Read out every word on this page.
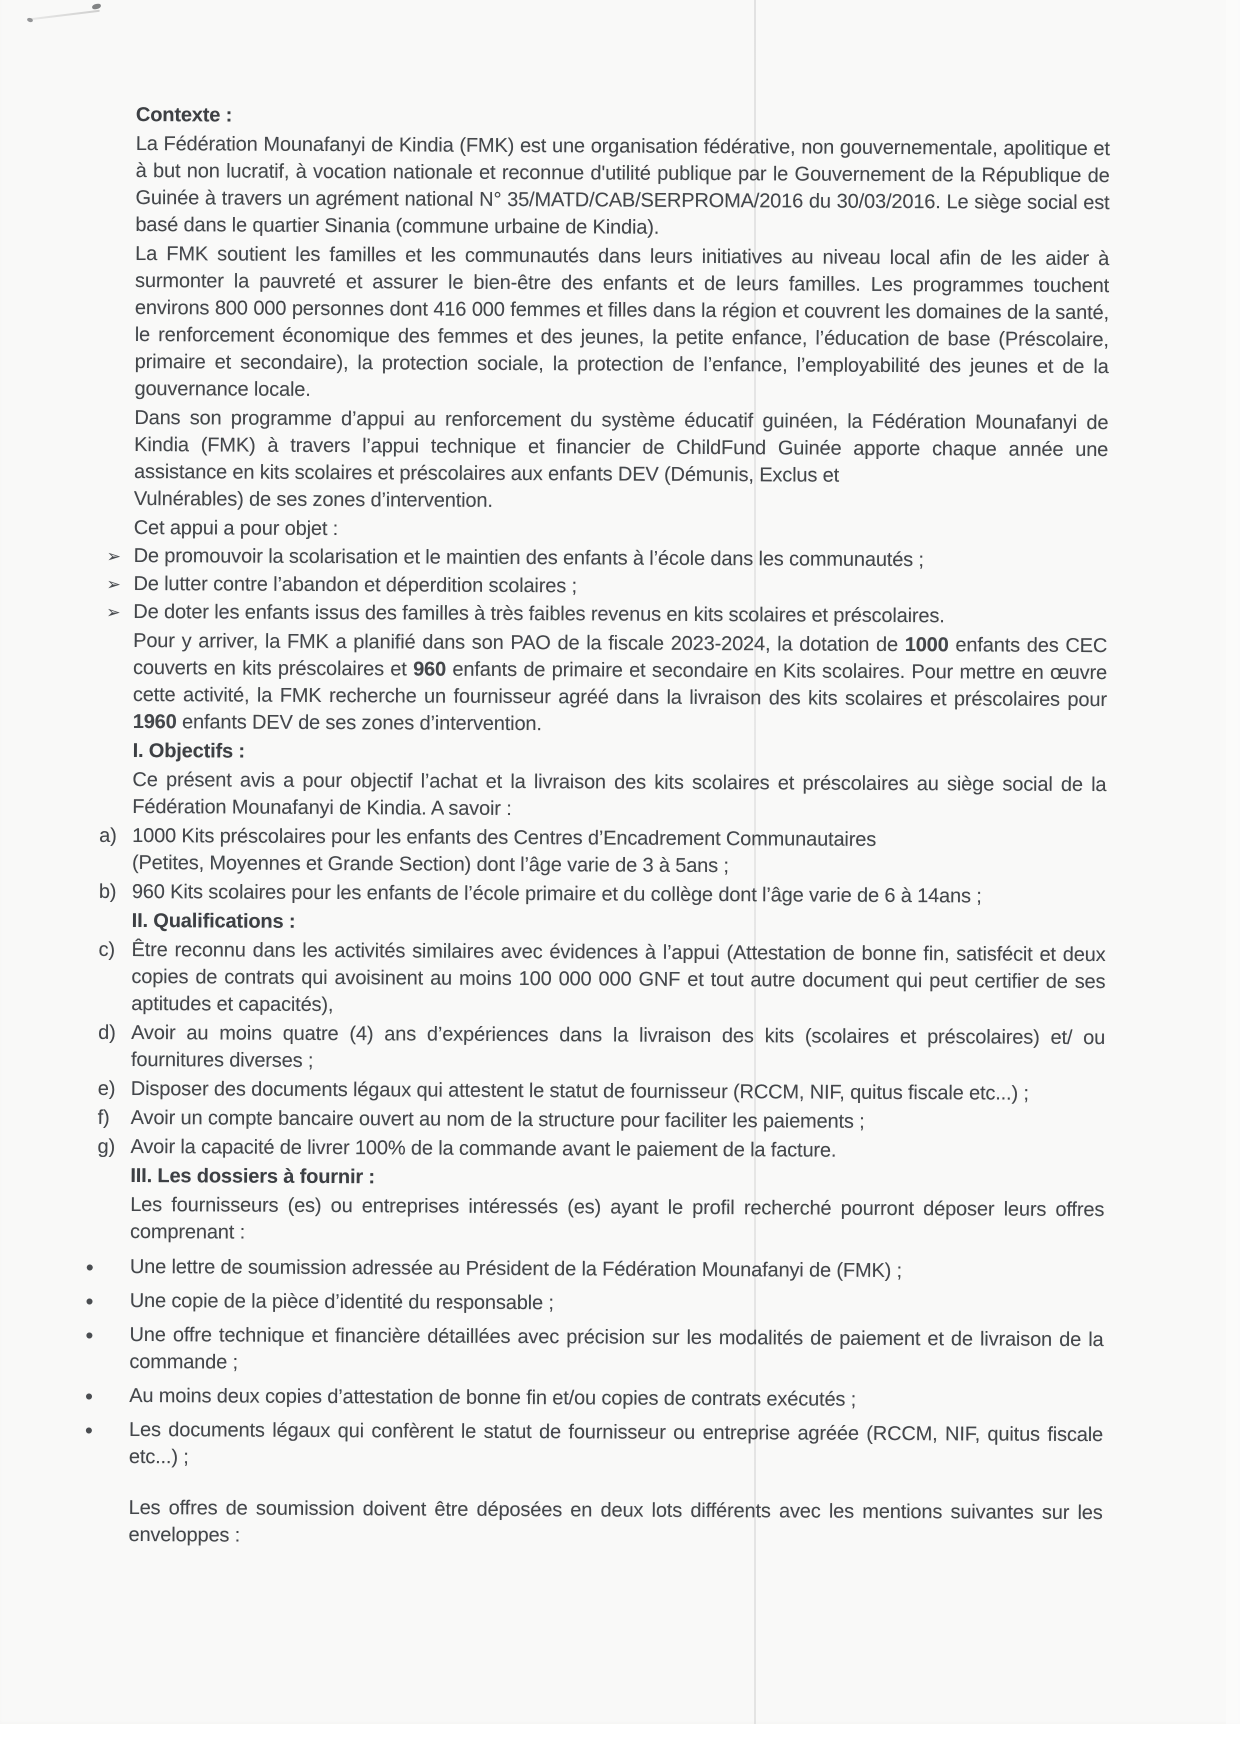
Contexte :

La Fédération Mounafanyi de Kindia (FMK) est une organisation fédérative, non gouvernementale, apolitique et à but non lucratif, à vocation nationale et reconnue d'utilité publique par le Gouvernement de la République de Guinée à travers un agrément national N° 35/MATD/CAB/SERPROMA/2016 du 30/03/2016. Le siège social est basé dans le quartier Sinania (commune urbaine de Kindia).

La FMK soutient les familles et les communautés dans leurs initiatives au niveau local afin de les aider à surmonter la pauvreté et assurer le bien-être des enfants et de leurs familles. Les programmes touchent environs 800 000 personnes dont 416 000 femmes et filles dans la région et couvrent les domaines de la santé, le renforcement économique des femmes et des jeunes, la petite enfance, l’éducation de base (Préscolaire, primaire et secondaire), la protection sociale, la protection de l’enfance, l’employabilité des jeunes et de la gouvernance locale.

Dans son programme d’appui au renforcement du système éducatif guinéen, la Fédération Mounafanyi de Kindia (FMK) à travers l’appui technique et financier de ChildFund Guinée apporte chaque année une assistance en kits scolaires et préscolaires aux enfants DEV (Démunis, Exclus et
Vulnérables) de ses zones d’intervention.

Cet appui a pour objet :

➢ De promouvoir la scolarisation et le maintien des enfants à l’école dans les communautés ;
➢ De lutter contre l’abandon et déperdition scolaires ;
➢ De doter les enfants issus des familles à très faibles revenus en kits scolaires et préscolaires.

Pour y arriver, la FMK a planifié dans son PAO de la fiscale 2023-2024, la dotation de 1000 enfants des CEC couverts en kits préscolaires et 960 enfants de primaire et secondaire en Kits scolaires. Pour mettre en œuvre cette activité, la FMK recherche un fournisseur agréé dans la livraison des kits scolaires et préscolaires pour 1960 enfants DEV de ses zones d’intervention.

I. Objectifs :

Ce présent avis a pour objectif l’achat et la livraison des kits scolaires et préscolaires au siège social de la Fédération Mounafanyi de Kindia. A savoir :

a) 1000 Kits préscolaires pour les enfants des Centres d’Encadrement Communautaires
(Petites, Moyennes et Grande Section) dont l’âge varie de 3 à 5ans ;
b) 960 Kits scolaires pour les enfants de l’école primaire et du collège dont l’âge varie de 6 à 14ans ;

II. Qualifications :

c) Être reconnu dans les activités similaires avec évidences à l’appui (Attestation de bonne fin, satisfécit et deux copies de contrats qui avoisinent au moins 100 000 000 GNF et tout autre document qui peut certifier de ses aptitudes et capacités),
d) Avoir au moins quatre (4) ans d’expériences dans la livraison des kits (scolaires et préscolaires) et/ ou fournitures diverses ;
e) Disposer des documents légaux qui attestent le statut de fournisseur (RCCM, NIF, quitus fiscale etc...) ;
f) Avoir un compte bancaire ouvert au nom de la structure pour faciliter les paiements ;
g) Avoir la capacité de livrer 100% de la commande avant le paiement de la facture.

III. Les dossiers à fournir :

Les fournisseurs (es) ou entreprises intéressés (es) ayant le profil recherché pourront déposer leurs offres comprenant :

• Une lettre de soumission adressée au Président de la Fédération Mounafanyi de (FMK) ;
• Une copie de la pièce d’identité du responsable ;
• Une offre technique et financière détaillées avec précision sur les modalités de paiement et de livraison de la commande ;
• Au moins deux copies d’attestation de bonne fin et/ou copies de contrats exécutés ;
• Les documents légaux qui confèrent le statut de fournisseur ou entreprise agréée (RCCM, NIF, quitus fiscale etc...) ;

Les offres de soumission doivent être déposées en deux lots différents avec les mentions suivantes sur les enveloppes :
